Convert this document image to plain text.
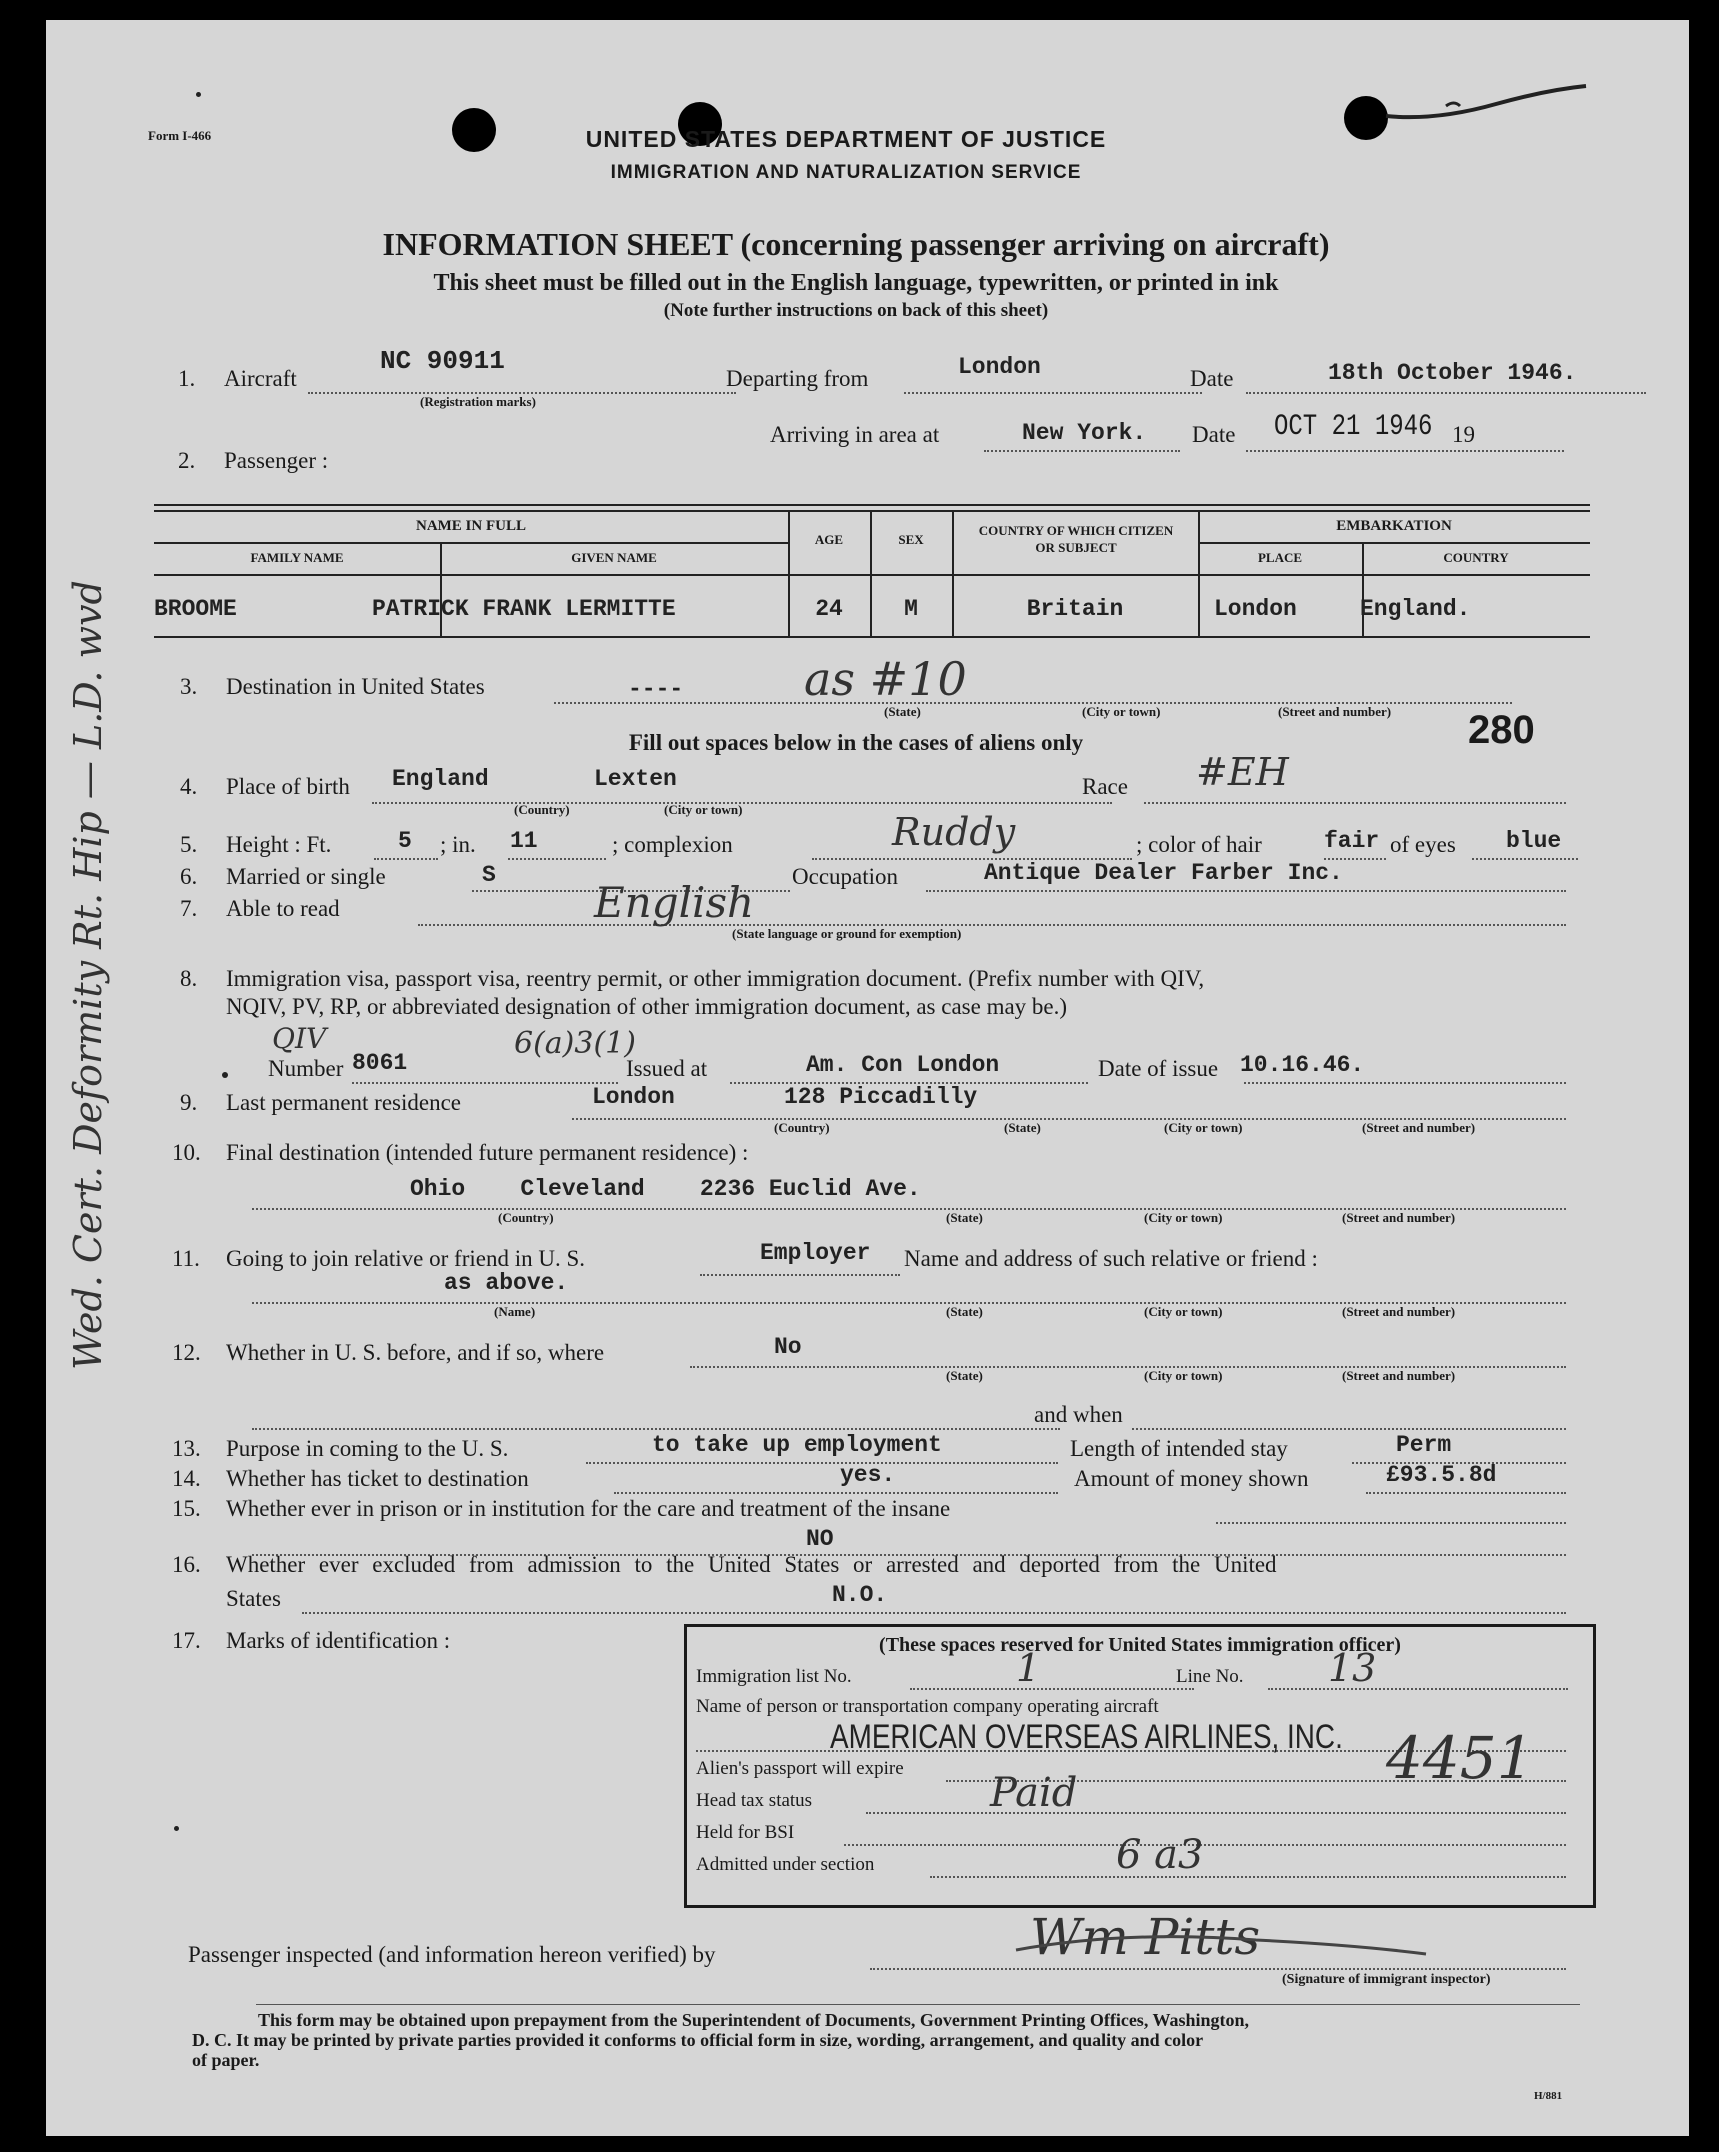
Wed. Cert. Deformity Rt. Hip — L.D. wvd
Form I-466	UNITED STATES DEPARTMENT OF JUSTICE
IMMIGRATION AND NATURALIZATION SERVICE
INFORMATION SHEET (concerning passenger arriving on aircraft)
This sheet must be filled out in the English language, typewritten, or printed in ink
(Note further instructions on back of this sheet)
1. Aircraft
NC 90911
(Registration marks)
Departing from	London	Date	18th October 1946.
Arriving in area at	New York. Date OCT 21 1946 19
2. Passenger :
NAME IN FULL
FAMILY NAME	GIVEN NAME
AGE	SEX
COUNTRY OF WHICH CITIZEN OR SUBJECT
EMBARKATION
PLACE	COUNTRY
BROOME	PATRICK FRANK LERMITTE	24	M	Britain	London	England.
3. Destination in United States	----	as #10
(State)	(City or town)	(Street and number) 280
Fill out spaces below in the cases of aliens only
4. Place of birth England	Lexten
(Country)	(City or town)
Race #EH
5. Height : Ft.	5 ; in. 11	; complexion	Ruddy	; color of hair	fair of eyes blue
6. Married or single	S	Occupation	Antique Dealer Farber Inc.
7. Able to read	English
(State language or ground for exemption)
8. Immigration visa, passport visa, reentry permit, or other immigration document. (Prefix number with QIV,
NQIV, PV, RP, or abbreviated designation of other immigration document, as case may be.)
QIV
Number 8061
6(a)3(1)
Issued at	Am. Con London	Date of issue 10.16.46.
9. Last permanent residence	London	128 Piccadilly
(Country)	(State)	(City or town)	(Street and number)
10. Final destination (intended future permanent residence) :
Ohio    Cleveland    2236 Euclid Ave.
(Country)	(State)	(City or town)	(Street and number)
11. Going to join relative or friend in U. S.	Employer Name and address of such relative or friend :
as above.
(Name)	(State)	(City or town)	(Street and number)
12. Whether in U. S. before, and if so, where	No
(State)	(City or town)	(Street and number)
and when
13. Purpose in coming to the U. S.	to take up employment	Length of intended stay	Perm
14. Whether has ticket to destination	yes.	Amount of money shown	£93.5.8d
15. Whether ever in prison or in institution for the care and treatment of the insane
NO
16. Whether ever excluded from admission to the United States or arrested and deported from the United
States	N.O.
17. Marks of identification :	(These spaces reserved for United States immigration officer)
Immigration list No.	1	Line No. 13
Name of person or transportation company operating aircraft
AMERICAN OVERSEAS AIRLINES, INC.
Alien's passport will expire	4451
Head tax status	Paid
Held for BSI
Admitted under section	6 a3
Passenger inspected (and information hereon verified) by	Wm Pitts
(Signature of immigrant inspector)
This form may be obtained upon prepayment from the Superintendent of Documents, Government Printing Offices, Washington,
D. C. It may be printed by private parties provided it conforms to official form in size, wording, arrangement, and quality and color
of paper.
H/881
